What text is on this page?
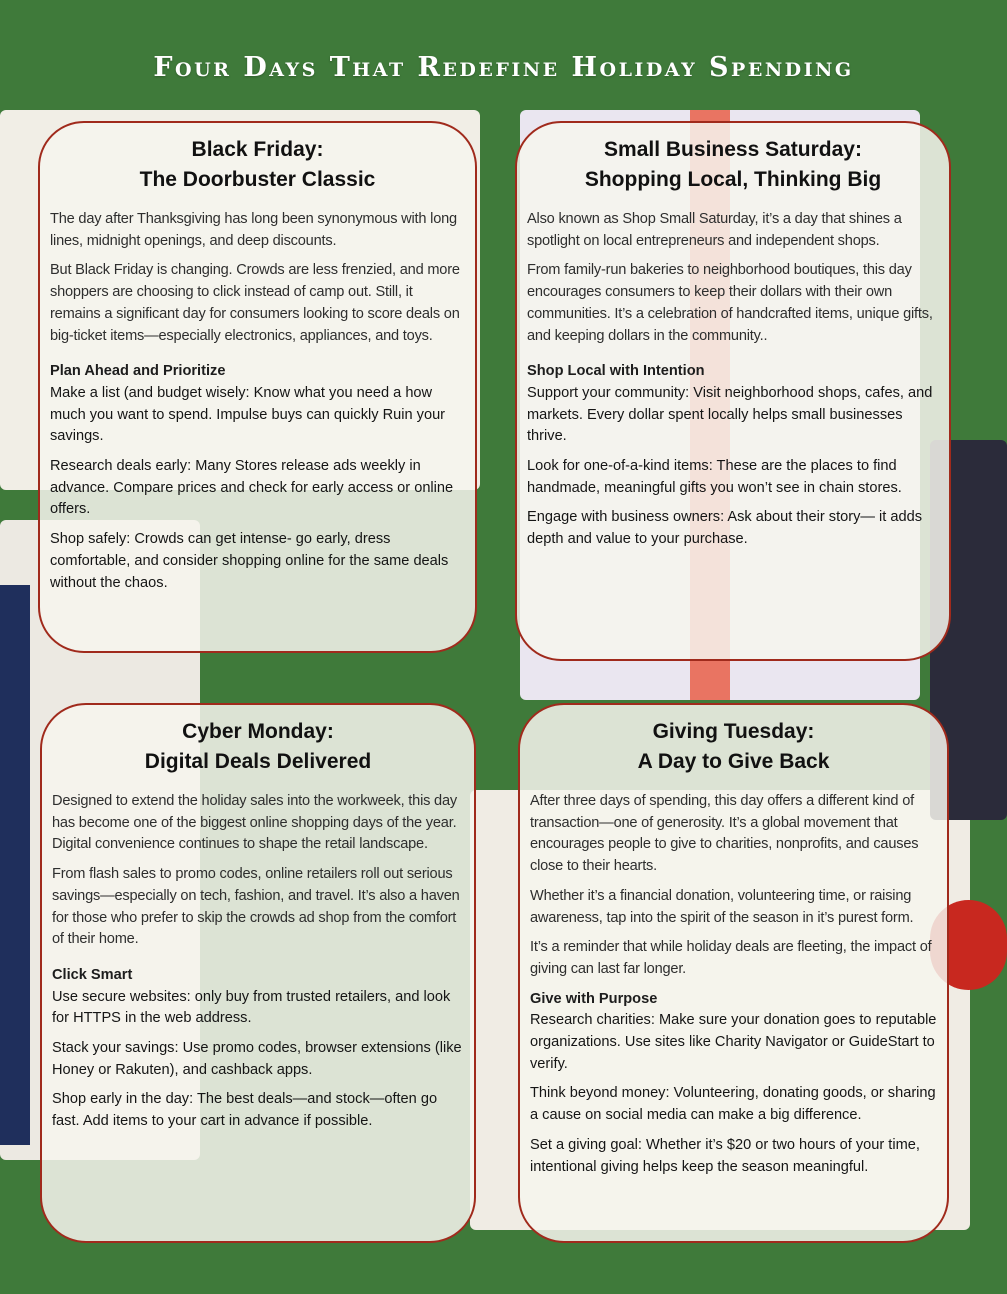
Four Days That Redefine Holiday Spending
Black Friday:
The Doorbuster Classic

The day after Thanksgiving has long been synonymous with long lines, midnight openings, and deep discounts.

But Black Friday is changing. Crowds are less frenzied, and more shoppers are choosing to click instead of camp out. Still, it remains a significant day for consumers looking to score deals on big-ticket items—especially electronics, appliances, and toys.

Plan Ahead and Prioritize

Make a list (and budget wisely: Know what you need a how much you want to spend. Impulse buys can quickly Ruin your savings.

Research deals early: Many Stores release ads weekly in advance. Compare prices and check for early access or online offers.

Shop safely: Crowds can get intense- go early, dress comfortable, and consider shopping online for the same deals without the chaos.

Small Business Saturday:
Shopping Local, Thinking Big

Also known as Shop Small Saturday, it’s a day that shines a spotlight on local entrepreneurs and independent shops.

From family-run bakeries to neighborhood boutiques, this day encourages consumers to keep their dollars with their own communities. It’s a celebration of handcrafted items, unique gifts, and keeping dollars in the community..

Shop Local with Intention

Support your community: Visit neighborhood shops, cafes, and markets. Every dollar spent locally helps small businesses thrive.

Look for one-of-a-kind items: These are the places to find handmade, meaningful gifts you won’t see in chain stores.

Engage with business owners: Ask about their story— it adds depth and value to your purchase.

Cyber Monday:
Digital Deals Delivered

Designed to extend the holiday sales into the workweek, this day has become one of the biggest online shopping days of the year. Digital convenience continues to shape the retail landscape.

From flash sales to promo codes, online retailers roll out serious savings—especially on tech, fashion, and travel. It’s also a haven for those who prefer to skip the crowds ad shop from the comfort of their home.

Click Smart

Use secure websites: only buy from trusted retailers, and look for HTTPS in the web address.

Stack your savings: Use promo codes, browser extensions (like Honey or Rakuten), and cashback apps.

Shop early in the day: The best deals—and stock—often go fast. Add items to your cart in advance if possible.

Giving Tuesday:
A Day to Give Back

After three days of spending, this day offers a different kind of transaction—one of generosity. It’s a global movement that encourages people to give to charities, nonprofits, and causes close to their hearts.

Whether it’s a financial donation, volunteering time, or raising awareness, tap into the spirit of the season in it’s purest form.

It’s a reminder that while holiday deals are fleeting, the impact of giving can last far longer.

Give with Purpose

Research charities: Make sure your donation goes to reputable organizations. Use sites like Charity Navigator or GuideStart to verify.

Think beyond money: Volunteering, donating goods, or sharing a cause on social media can make a big difference.

Set a giving goal: Whether it’s $20 or two hours of your time, intentional giving helps keep the season meaningful.
